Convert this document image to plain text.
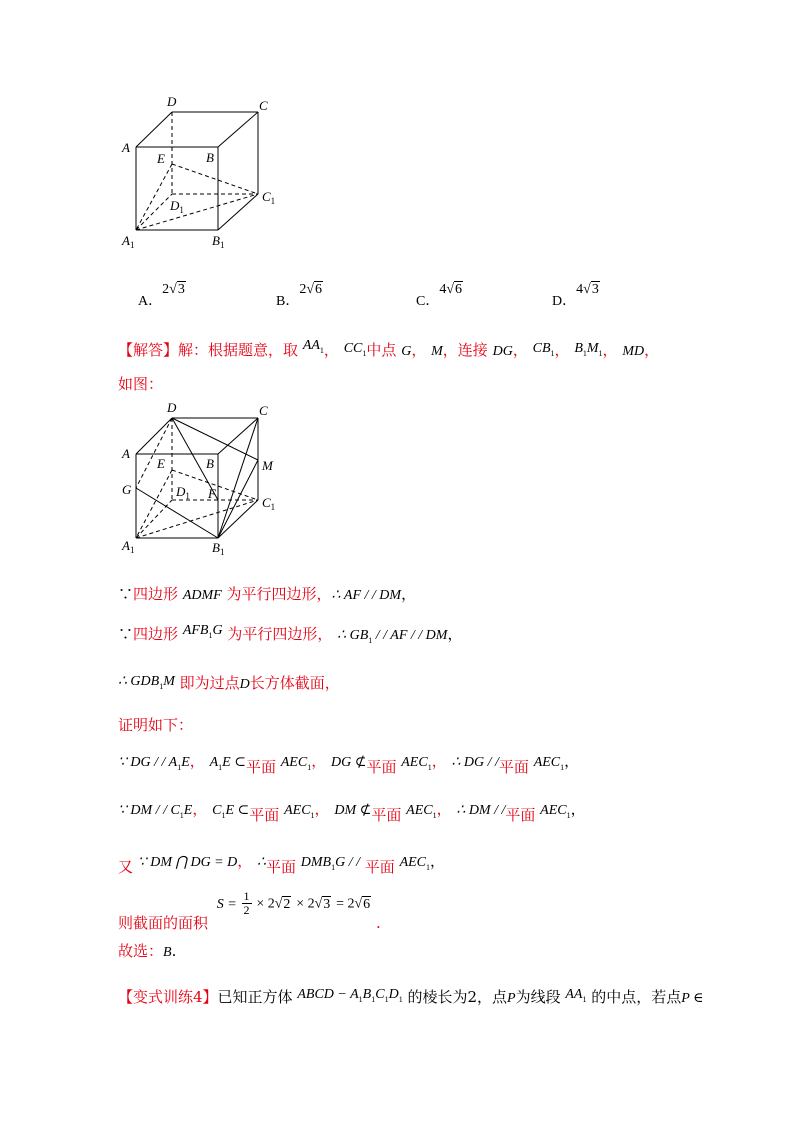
D	C
A
E	B
$C_1$
$D_1$
$A_1$	$B_1$
A．2√3
B．2√6
C．4√6
D．4√3
【解答】解：根据题意，取 $AA_1$， $CC_1$中点 G， M，连接 DG， $CB_1$， $B_1M_1$， MD，
如图：
D	C
A
E	B	M
G	F
$D_1$	$C_1$
$A_1$	$B_1$
∵四边形 ADMF 为平行四边形，∴ AF / / DM，
∵四边形 $AFB_1G$ 为平行四边形， ∴ $GB_1$ / / AF / / DM，
∴ $GDB_1M$ 即为过点D长方体截面，
证明如下：
∵ DG / / $A_1E$， $A_1E$ ⊂平面 $AEC_1$， DG ⊄平面 $AEC_1$， ∴ DG / /平面 $AEC_1$，
∵ DM / / $C_1E$， $C_1E$ ⊂平面 $AEC_1$， DM ⊄平面 $AEC_1$， ∴ DM / /平面 $AEC_1$，
又 ∵ DM ⋂ DG = D， ∴平面 $DMB_1G$ / / 平面 $AEC_1$，
则截面的面积 $S = \frac{1}{2} \times 2√2 \times 2√3 = 2√6$ .
故选：B.
【变式训练4】已知正方体 ABCD − $A_1B_1C_1D_1$ 的棱长为2，点P为线段 $AA_1$ 的中点，若点P ∈
